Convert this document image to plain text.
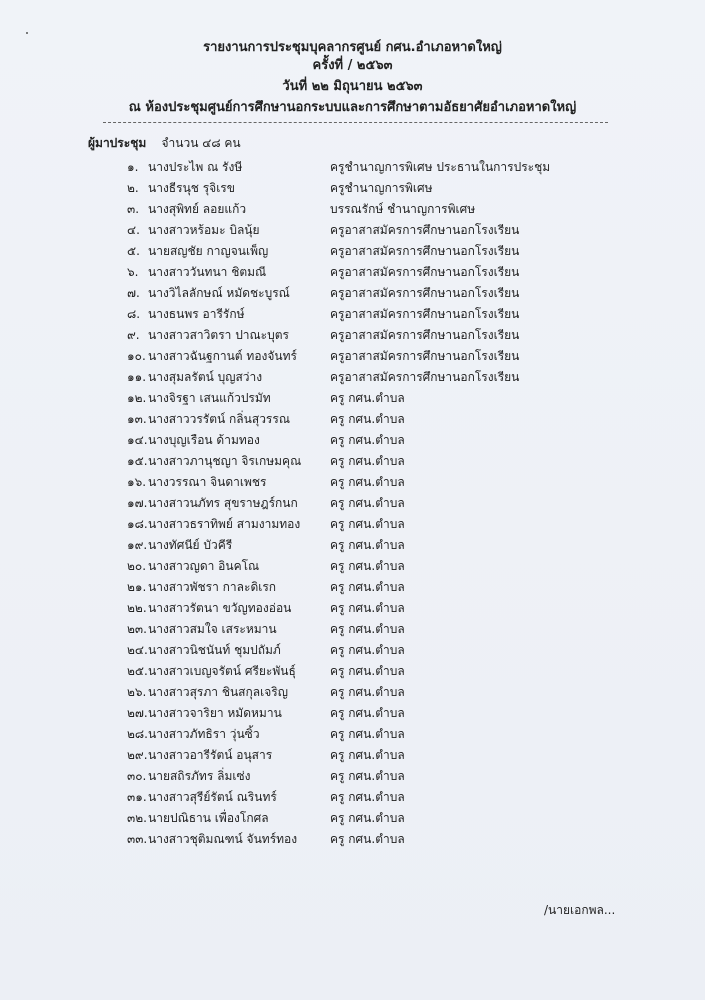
รายงานการประชุมบุคลากรศูนย์ กศน.อำเภอหาดใหญ่
ครั้งที่ / ๒๕๖๓
วันที่ ๒๒ มิถุนายน ๒๕๖๓
ณ ห้องประชุมศูนย์การศึกษานอกระบบและการศึกษาตามอัธยาศัยอำเภอหาดใหญ่
ผู้มาประชุม จำนวน ๔๘ คน
๑. นางประไพ ณ รังษี	ครูชำนาญการพิเศษ ประธานในการประชุม
๒. นางธีรนุช รุจิเรข	ครูชำนาญการพิเศษ
๓. นางสุพิทย์ ลอยแก้ว	บรรณรักษ์ ชำนาญการพิเศษ
๔. นางสาวหร้อมะ บิลนุ้ย	ครูอาสาสมัครการศึกษานอกโรงเรียน
๕. นายสญชัย กาญจนเพ็ญ	ครูอาสาสมัครการศึกษานอกโรงเรียน
๖. นางสาววันทนา ชิตมณี	ครูอาสาสมัครการศึกษานอกโรงเรียน
๗. นางวิไลลักษณ์ หมัดชะบูรณ์	ครูอาสาสมัครการศึกษานอกโรงเรียน
๘. นางธนพร อารีรักษ์	ครูอาสาสมัครการศึกษานอกโรงเรียน
๙. นางสาวสาวิตรา ปาณะบุตร	ครูอาสาสมัครการศึกษานอกโรงเรียน
๑๐. นางสาวฉันฐกานต์ ทองจันทร์	ครูอาสาสมัครการศึกษานอกโรงเรียน
๑๑. นางสุมลรัตน์ บุญสว่าง	ครูอาสาสมัครการศึกษานอกโรงเรียน
๑๒. นางจิรฐา เสนแก้วปรมัท	ครู กศน.ตำบล
๑๓. นางสาววรรัตน์ กลิ่นสุวรรณ	ครู กศน.ตำบล
๑๔. นางบุญเรือน ด้ามทอง	ครู กศน.ตำบล
๑๕. นางสาวภานุชญา จิรเกษมคุณ ครู กศน.ตำบล
๑๖. นางวรรณา จินดาเพชร	ครู กศน.ตำบล
๑๗. นางสาวนภัทร สุขราษฎร์กนก	ครู กศน.ตำบล
๑๘. นางสาวธราทิพย์ สามงามทอง ครู กศน.ตำบล
๑๙. นางทัศนีย์ บัวคีรี	ครู กศน.ตำบล
๒๐. นางสาวญดา อินคโณ	ครู กศน.ตำบล
๒๑. นางสาวพัชรา กาละดิเรก	ครู กศน.ตำบล
๒๒. นางสาวรัตนา ขวัญทองอ่อน	ครู กศน.ตำบล
๒๓. นางสาวสมใจ เสระหมาน	ครู กศน.ตำบล
๒๔. นางสาวนิชนันท์ ชุมปถัมภ์	ครู กศน.ตำบล
๒๕. นางสาวเบญจรัตน์ ศรียะพันธุ์	ครู กศน.ตำบล
๒๖. นางสาวสุรภา ชินสกุลเจริญ	ครู กศน.ตำบล
๒๗. นางสาวจาริยา หมัดหมาน	ครู กศน.ตำบล
๒๘. นางสาวภัทธิรา วุ่นซิ้ว	ครู กศน.ตำบล
๒๙. นางสาวอารีรัตน์ อนุสาร	ครู กศน.ตำบล
๓๐. นายสถิรภัทร ลิ่มเซ่ง	ครู กศน.ตำบล
๓๑. นางสาวสุรีย์รัตน์ ณรินทร์	ครู กศน.ตำบล
๓๒. นายปณิธาน เพื่องโกศล	ครู กศน.ตำบล
๓๓. นางสาวชุติมณฑน์ จันทร์ทอง	ครู กศน.ตำบล
/นายเอกพล...
